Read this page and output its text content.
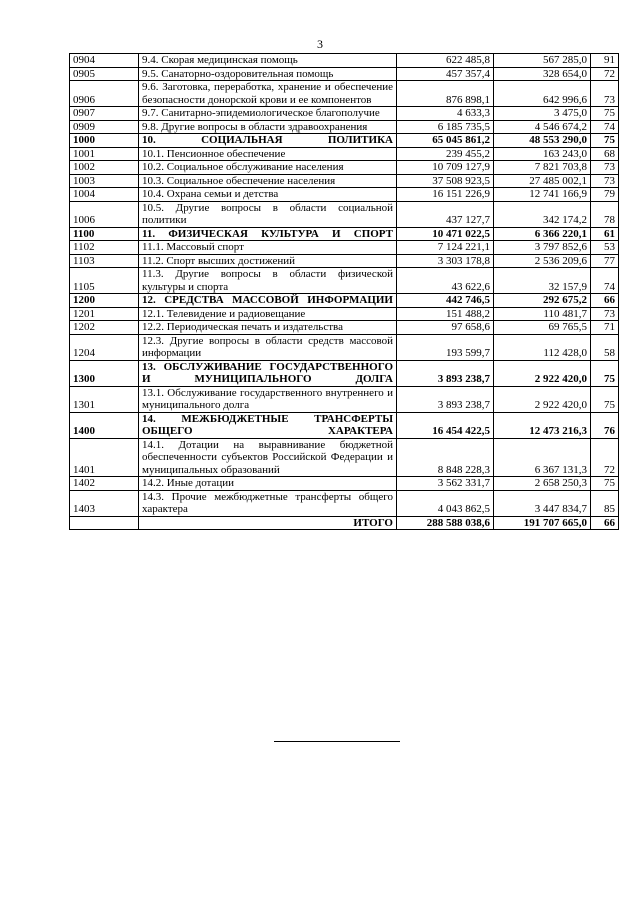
3
0904	9.4. Скорая медицинская помощь	622 485,8	567 285,0	91
0905	9.5. Санаторно-оздоровительная помощь	457 357,4	328 654,0	72
0906	9.6. Заготовка, переработка, хранение и обеспечение безопасности донорской крови и ее компонентов	876 898,1	642 996,6	73
0907	9.7. Санитарно-эпидемиологическое благополучие	4 633,3	3 475,0	75
0909	9.8. Другие вопросы в области здравоохранения	6 185 735,5	4 546 674,2	74
1000	10. СОЦИАЛЬНАЯ ПОЛИТИКА	65 045 861,2	48 553 290,0	75
1001	10.1. Пенсионное обеспечение	239 455,2	163 243,0	68
1002	10.2. Социальное обслуживание населения	10 709 127,9	7 821 703,8	73
1003	10.3. Социальное обеспечение населения	37 508 923,5	27 485 002,1	73
1004	10.4. Охрана семьи и детства	16 151 226,9	12 741 166,9	79
1006	10.5. Другие вопросы в области социальной политики	437 127,7	342 174,2	78
1100	11. ФИЗИЧЕСКАЯ КУЛЬТУРА И СПОРТ	10 471 022,5	6 366 220,1	61
1102	11.1. Массовый спорт	7 124 221,1	3 797 852,6	53
1103	11.2. Спорт высших достижений	3 303 178,8	2 536 209,6	77
1105	11.3. Другие вопросы в области физической культуры и спорта	43 622,6	32 157,9	74
1200	12. СРЕДСТВА МАССОВОЙ ИНФОРМАЦИИ	442 746,5	292 675,2	66
1201	12.1. Телевидение и радиовещание	151 488,2	110 481,7	73
1202	12.2. Периодическая печать и издательства	97 658,6	69 765,5	71
1204	12.3. Другие вопросы в области средств массовой информации	193 599,7	112 428,0	58
1300	13. ОБСЛУЖИВАНИЕ ГОСУДАРСТВЕННОГО И МУНИЦИПАЛЬНОГО ДОЛГА	3 893 238,7	2 922 420,0	75
1301	13.1. Обслуживание государственного внутреннего и муниципального долга	3 893 238,7	2 922 420,0	75
1400	14. МЕЖБЮДЖЕТНЫЕ ТРАНСФЕРТЫ ОБЩЕГО ХАРАКТЕРА	16 454 422,5	12 473 216,3	76
1401	14.1. Дотации на выравнивание бюджетной обеспеченности субъектов Российской Федерации и муниципальных образований	8 848 228,3	6 367 131,3	72
1402	14.2. Иные дотации	3 562 331,7	2 658 250,3	75
1403	14.3. Прочие межбюджетные трансферты общего характера	4 043 862,5	3 447 834,7	85
	ИТОГО	288 588 038,6	191 707 665,0	66
